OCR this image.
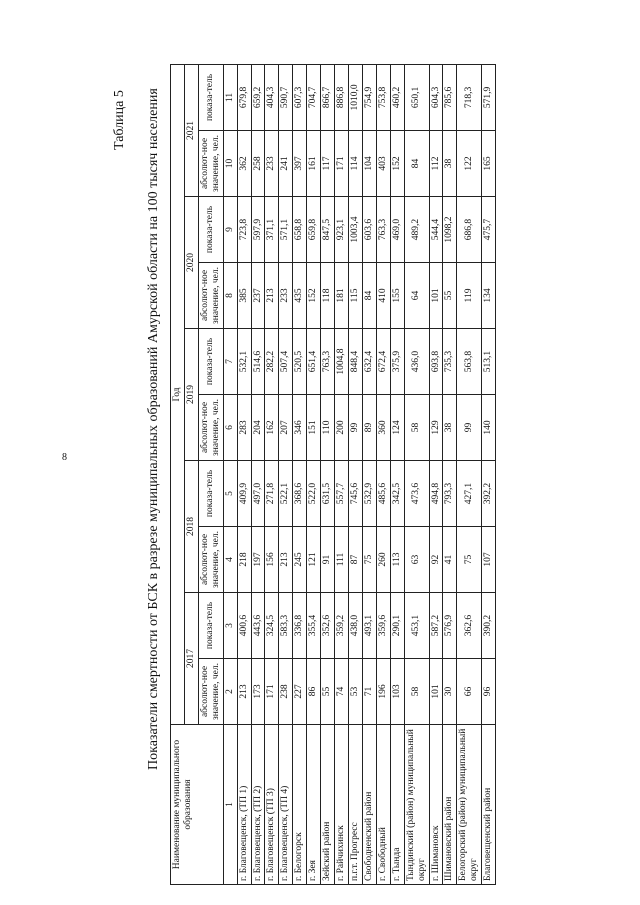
8
Таблица 5 Показатели смертности от БСК в разрезе муниципальных образований Амурской области на 100 тысяч населения
Наименование муниципального образования	Год									
	2017		2018		2019		2020		2021	
	абсолют-ное значение, чел.	показа-тель	абсолют-ное значение, чел.	показа-тель	абсолют-ное значение, чел.	показа-тель	абсолют-ное значение, чел.	показа-тель	абсолют-ное значение, чел.	показа-тель
1	2	3	4	5	6	7	8	9	10	11
г. Благовещенск, (ТП 1)	213	400,6	218	409,9	283	532,1	385	723,8	362	679,8
г. Благовещенск, (ТП 2)	173	443,6	197	497,0	204	514,6	237	597,9	258	659,2
г. Благовещенск (ТП 3)	171	324,5	156	271,8	162	282,2	213	371,1	233	404,3
г. Благовещенск, (ТП 4)	238	583,3	213	522,1	207	507,4	233	571,1	241	590,7
г. Белогорск	227	336,8	245	368,6	346	520,5	435	658,8	397	607,3
г. Зея	86	355,4	121	522,0	151	651,4	152	659,8	161	704,7
Зейский район	55	352,6	91	631,5	110	763,3	118	847,5	117	866,7
г. Райчихинск	74	359,2	111	557,7	200	1004,8	181	923,1	171	886,8
п.г.т. Прогресс	53	438,0	87	745,6	99	848,4	115	1003,4	114	1010,0
Свободненский район	71	493,1	75	532,9	89	632,4	84	603,6	104	754,9
г. Свободный	196	359,6	260	485,6	360	672,4	410	763,3	403	753,8
г. Тында	103	290,1	113	342,5	124	375,9	155	469,0	152	460,2
Тындинский (район) муниципальный округ	58	453,1	63	473,6	58	436,0	64	489,2	84	650,1
г. Шимановск	101	587,2	92	494,8	129	693,8	101	544,4	112	604,3
Шимановский район	30	576,9	41	793,3	38	735,3	55	1098,2	38	785,6
Белогорский (район) муниципальный округ	66	362,6	75	427,1	99	563,8	119	686,8	122	718,3
Благовещенский район	96	390,2	107	392,2	140	513,1	134	475,7	165	571,9
